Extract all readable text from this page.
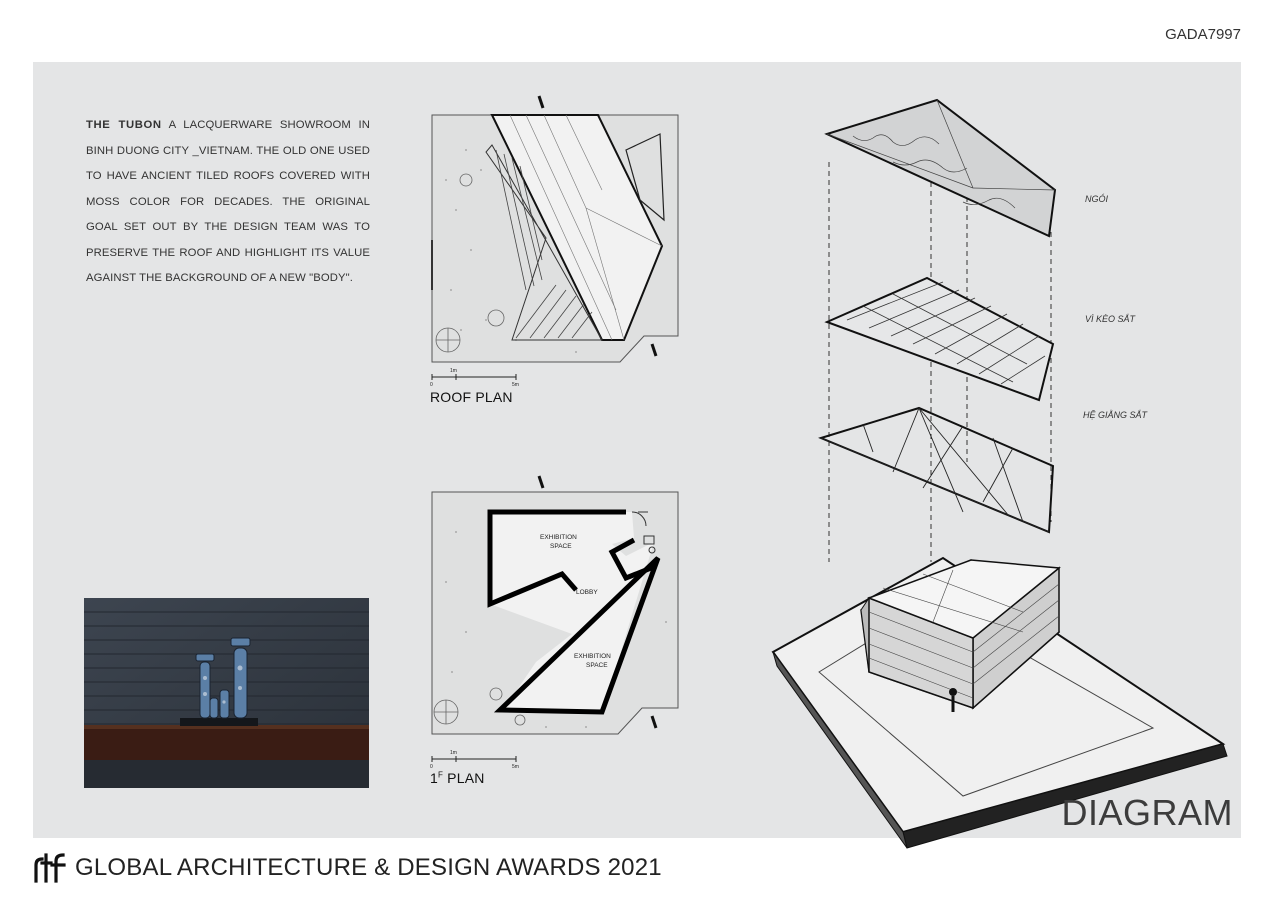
GADA7997
THE TUBON A LACQUERWARE SHOWROOM IN BINH DUONG CITY _VIETNAM. THE OLD ONE USED TO HAVE ANCIENT TILED ROOFS COVERED WITH MOSS COLOR FOR DECADES. THE ORIGINAL GOAL SET OUT BY THE DESIGN TEAM WAS TO PRESERVE THE ROOF AND HIGHLIGHT ITS VALUE AGAINST THE BACKGROUND OF A NEW "BODY".
0
1m
5m
ROOF PLAN
EXHIBITION
SPACE
LOBBY
EXHIBITION
SPACE
0
1m
5m
$1^F$ PLAN
NGÓI
VÌ KÈO SẮT
HỆ GIẰNG SẮT
DIAGRAM
GLOBAL ARCHITECTURE & DESIGN AWARDS 2021
